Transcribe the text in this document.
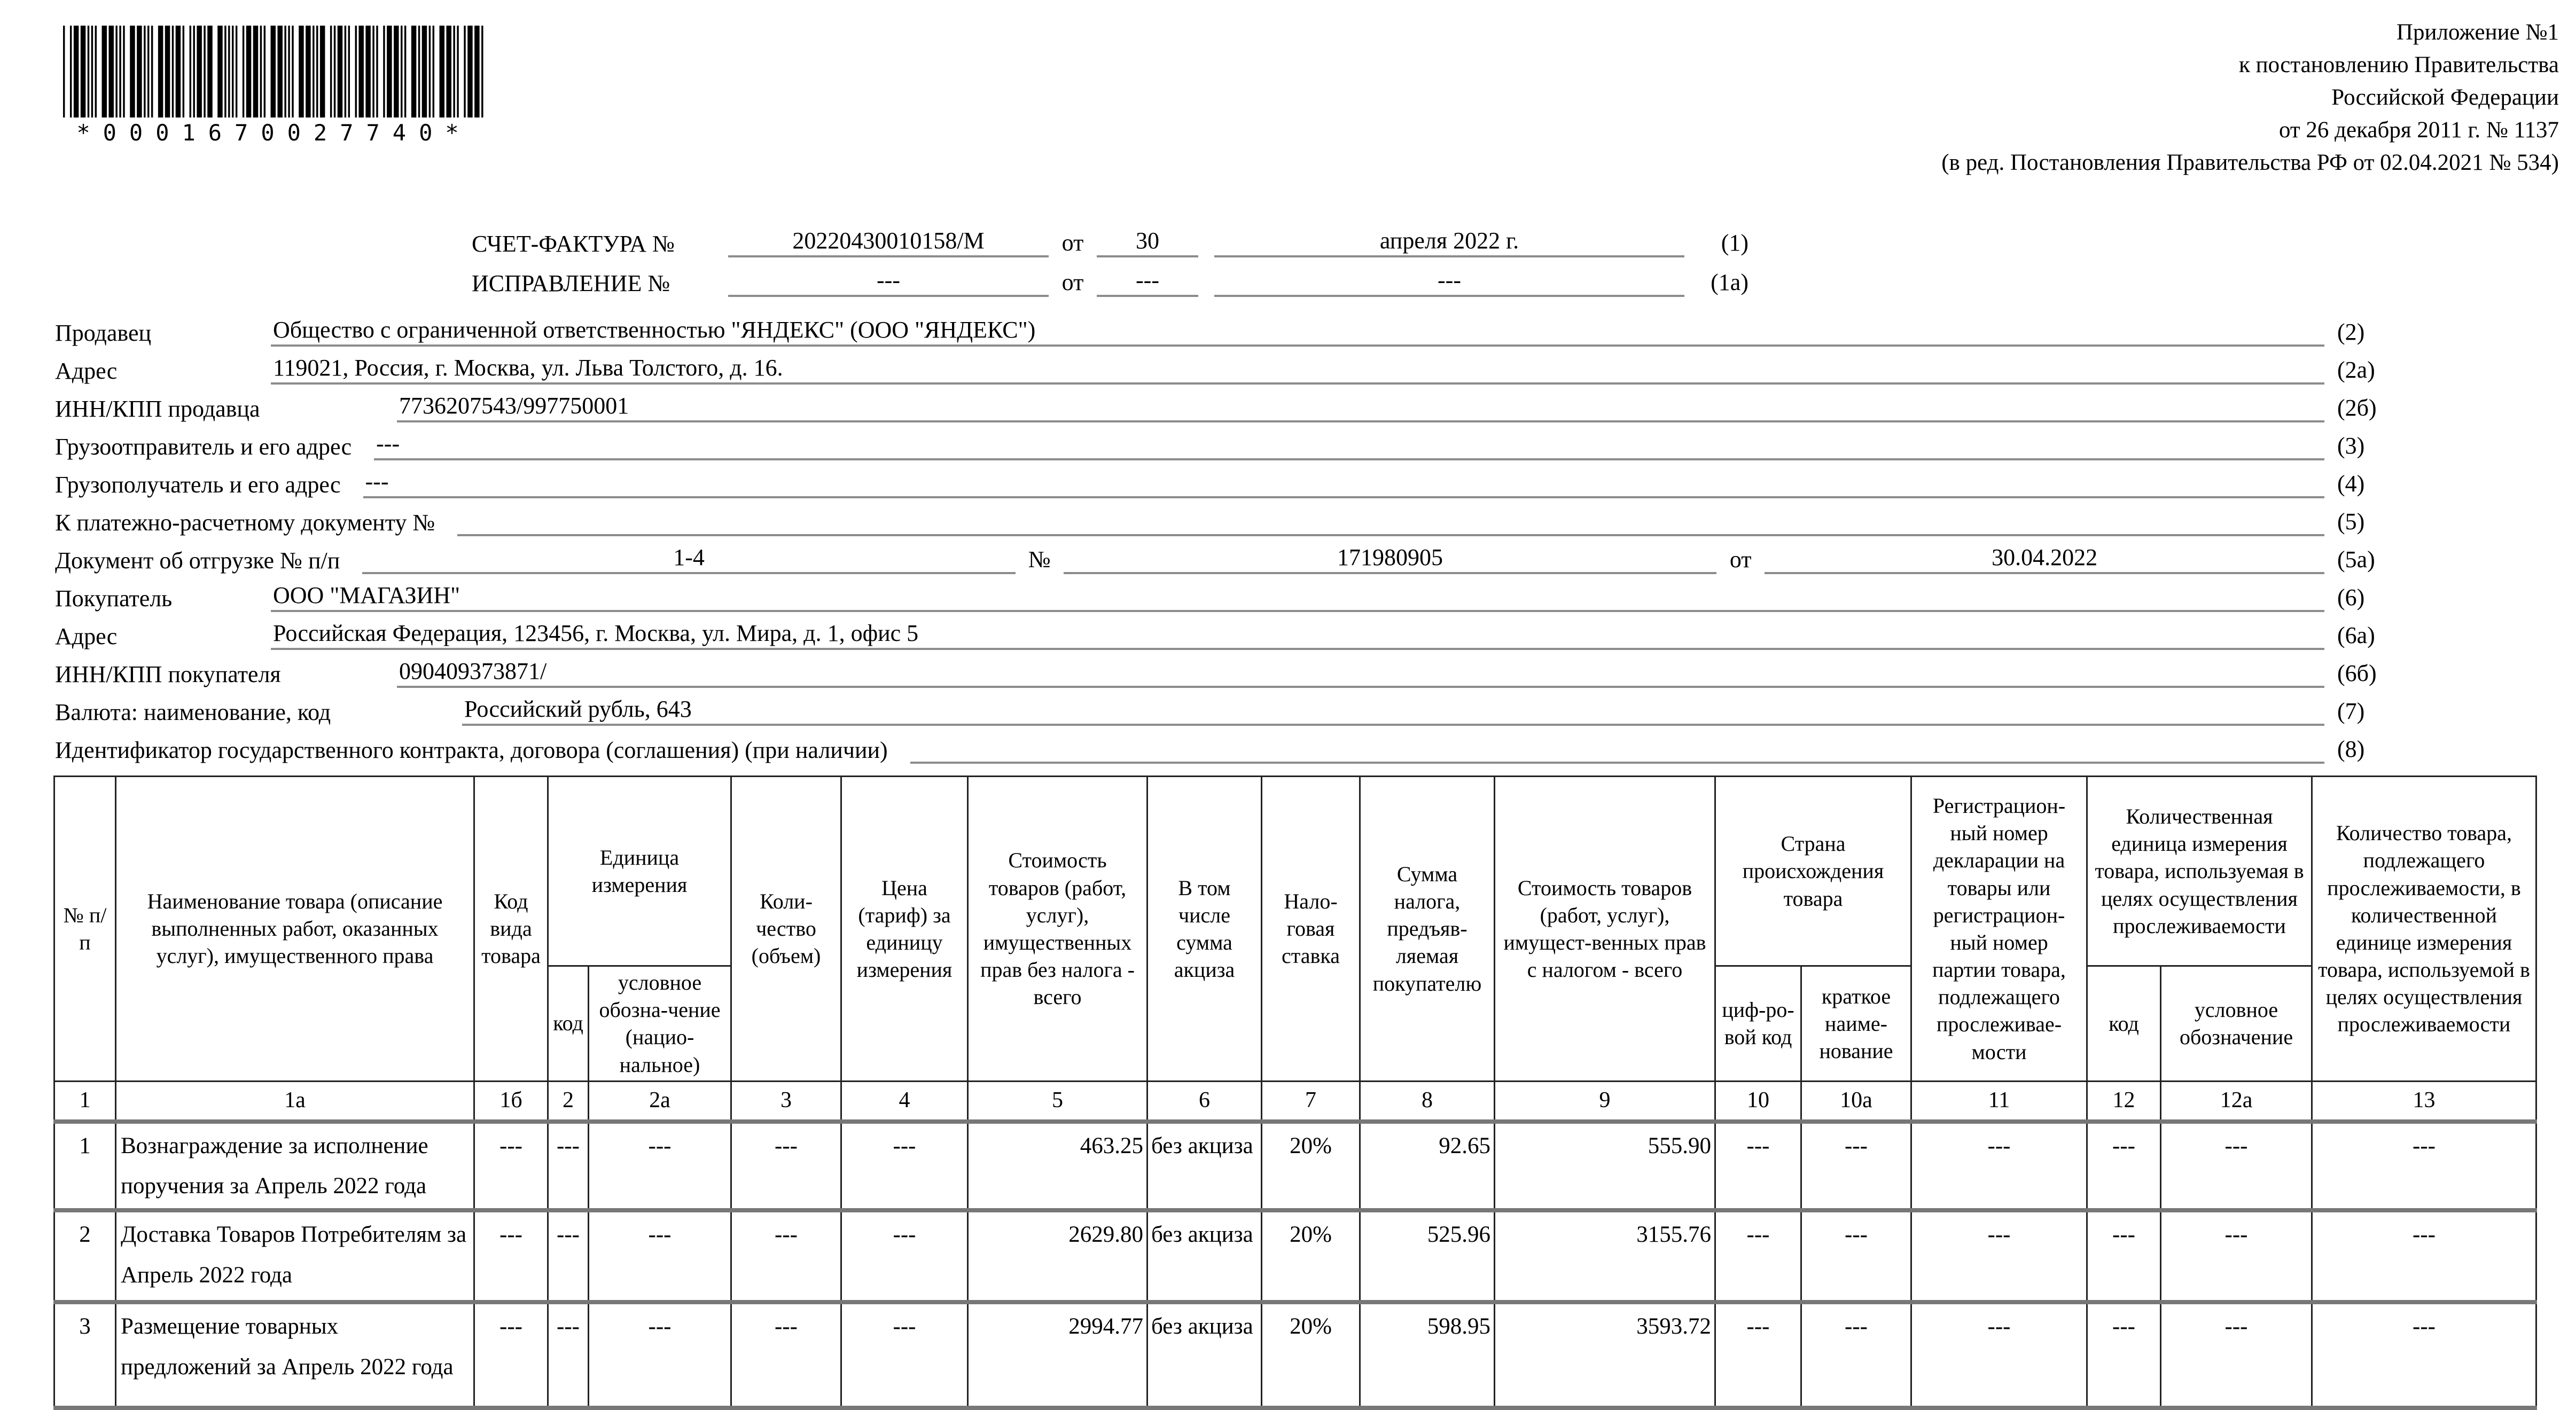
*0001670027740*
Приложение №1
к постановлению Правительства
Российской Федерации
от 26 декабря 2011 г. № 1137
(в ред. Постановления Правительства РФ от 02.04.2021 № 534)
СЧЕТ-ФАКТУРА №	20220430010158/М	от	30	апреля 2022 г.	(1)
ИСПРАВЛЕНИЕ №	---	от	---	---	(1а)
Продавец	Общество с ограниченной ответственностью "ЯНДЕКС" (ООО "ЯНДЕКС")	(2)
Адрес	119021, Россия, г. Москва, ул. Льва Толстого, д. 16.	(2а)
ИНН/КПП продавца	7736207543/997750001	(2б)
Грузоотправитель и его адрес	---	(3)
Грузополучатель и его адрес	---	(4)
К платежно-расчетному документу №	(5)
Документ об отгрузке № п/п	1-4	№	171980905	от	30.04.2022	(5а)
Покупатель	ООО "МАГАЗИН"	(6)
Адрес	Российская Федерация, 123456, г. Москва, ул. Мира, д. 1, офис 5	(6а)
ИНН/КПП покупателя	090409373871/	(6б)
Валюта: наименование, код	Российский рубль, 643	(7)
Идентификатор государственного контракта, договора (соглашения) (при наличии)	(8)
№ п/п	Наименование товара (описание выполненных работ, оказанных услуг), имущественного права	Код вида товара	Единица измерения		Коли-чество (объем)	Цена (тариф) за единицу измерения	Стоимость товаров (работ, услуг), имущественных прав без налога - всего	В том числе сумма акциза	Нало-говая ставка	Сумма налога, предъяв-ляемая покупателю	Стоимость товаров (работ, услуг), имущест-венных прав с налогом - всего	Страна происхождения товара		Регистрацион-ный номер декларации на товары или регистрацион-ный номер партии товара, подлежащего прослеживае-мости	Количественная единица измерения товара, используемая в целях осуществления прослеживаемости		Количество товара, подлежащего прослеживаемости, в количественной единице измерения товара, используемой в целях осуществления прослеживаемости
			код	условное обозна-чение (нацио-нальное)								циф-ро-вой код	краткое наиме-нование		код	условное обозначение	
1	1а	1б	2	2а	3	4	5	6	7	8	9	10	10а	11	12	12а	13
1	Вознаграждение за исполнение поручения за Апрель 2022 года	---	---	---	---	---	463.25	без акциза	20%	92.65	555.90	---	---	---	---	---	---
2	Доставка Товаров Потребителям за Апрель 2022 года	---	---	---	---	---	2629.80	без акциза	20%	525.96	3155.76	---	---	---	---	---	---
3	Размещение товарных предложений за Апрель 2022 года	---	---	---	---	---	2994.77	без акциза	20%	598.95	3593.72	---	---	---	---	---	---
